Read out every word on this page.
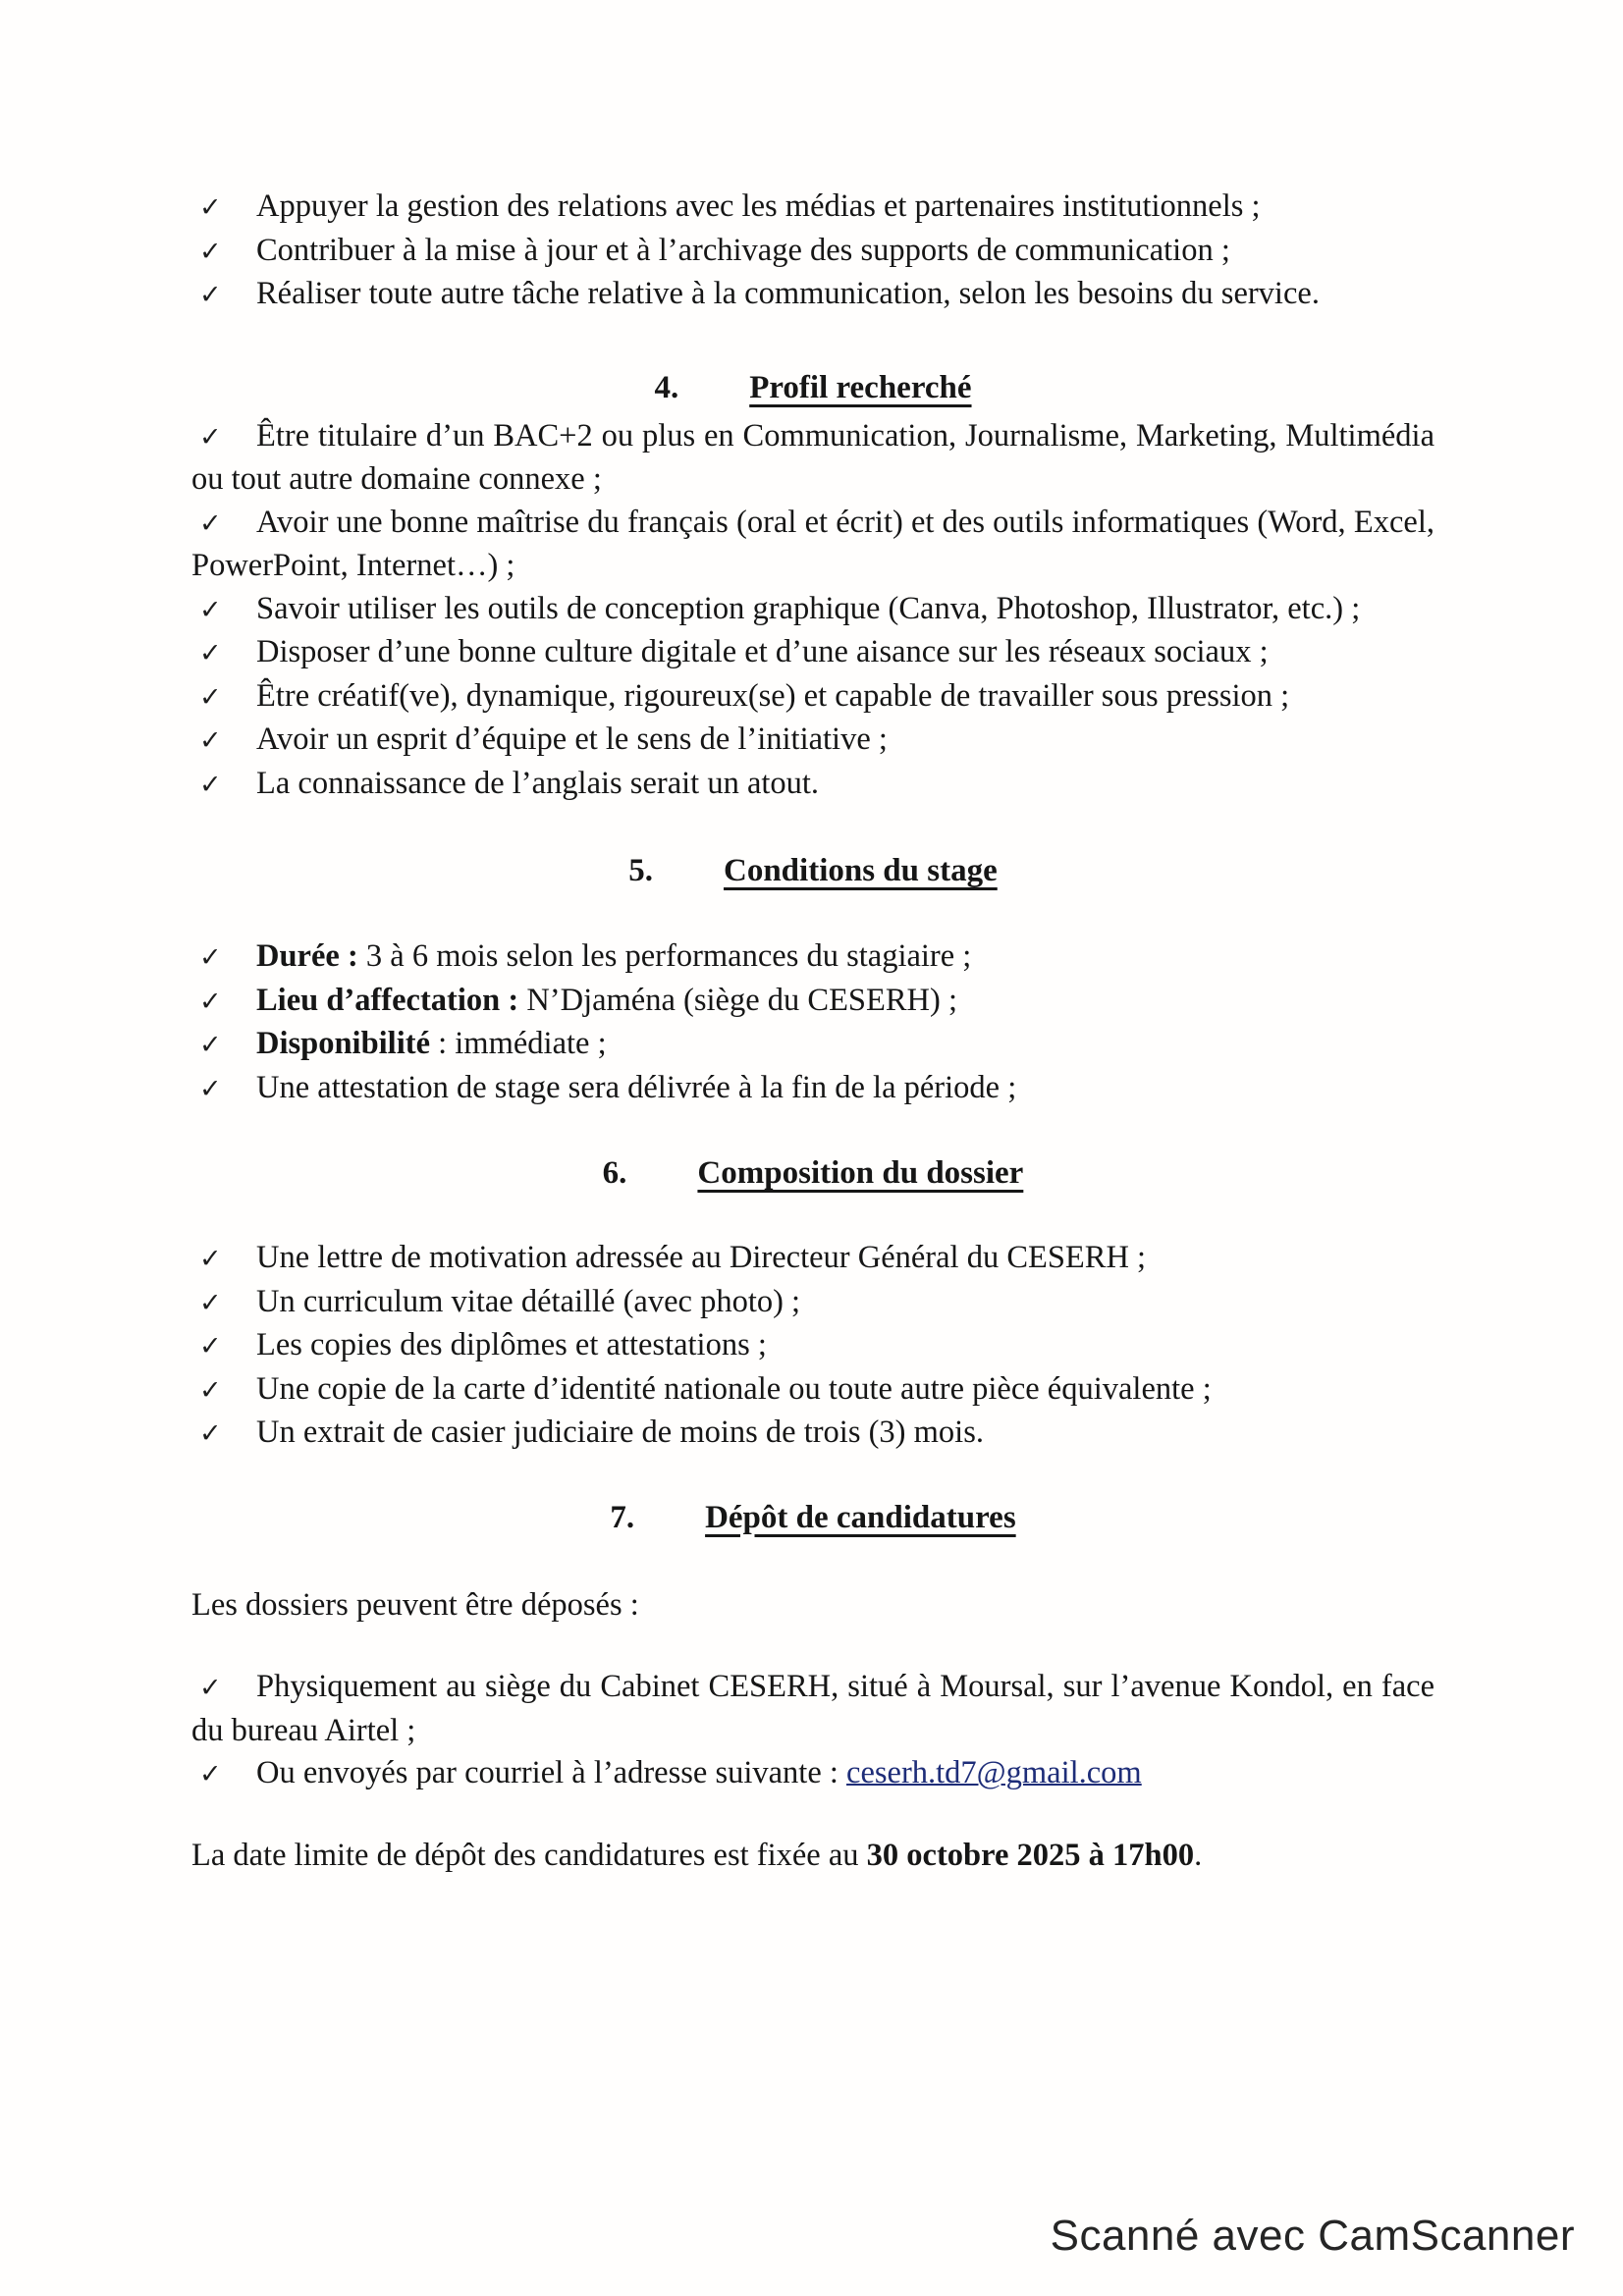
✓ Appuyer la gestion des relations avec les médias et partenaires institutionnels ;

✓ Contribuer à la mise à jour et à l’archivage des supports de communication ;

✓ Réaliser toute autre tâche relative à la communication, selon les besoins du service.

4. Profil recherché

✓ Être titulaire d’un BAC+2 ou plus en Communication, Journalisme, Marketing, Multimédia ou tout autre domaine connexe ;

✓ Avoir une bonne maîtrise du français (oral et écrit) et des outils informatiques (Word, Excel, PowerPoint, Internet…) ;

✓ Savoir utiliser les outils de conception graphique (Canva, Photoshop, Illustrator, etc.) ;

✓ Disposer d’une bonne culture digitale et d’une aisance sur les réseaux sociaux ;

✓ Être créatif(ve), dynamique, rigoureux(se) et capable de travailler sous pression ;

✓ Avoir un esprit d’équipe et le sens de l’initiative ;

✓ La connaissance de l’anglais serait un atout.

5. Conditions du stage

✓ Durée : 3 à 6 mois selon les performances du stagiaire ;

✓ Lieu d’affectation : N’Djaména (siège du CESERH) ;

✓ Disponibilité : immédiate ;

✓ Une attestation de stage sera délivrée à la fin de la période ;

6. Composition du dossier

✓ Une lettre de motivation adressée au Directeur Général du CESERH ;

✓ Un curriculum vitae détaillé (avec photo) ;

✓ Les copies des diplômes et attestations ;

✓ Une copie de la carte d’identité nationale ou toute autre pièce équivalente ;

✓ Un extrait de casier judiciaire de moins de trois (3) mois.

7. Dépôt de candidatures

Les dossiers peuvent être déposés :

✓ Physiquement au siège du Cabinet CESERH, situé à Moursal, sur l’avenue Kondol, en face du bureau Airtel ;

✓ Ou envoyés par courriel à l’adresse suivante : ceserh.td7@gmail.com

La date limite de dépôt des candidatures est fixée au 30 octobre 2025 à 17h00.

Scanné avec CamScanner
